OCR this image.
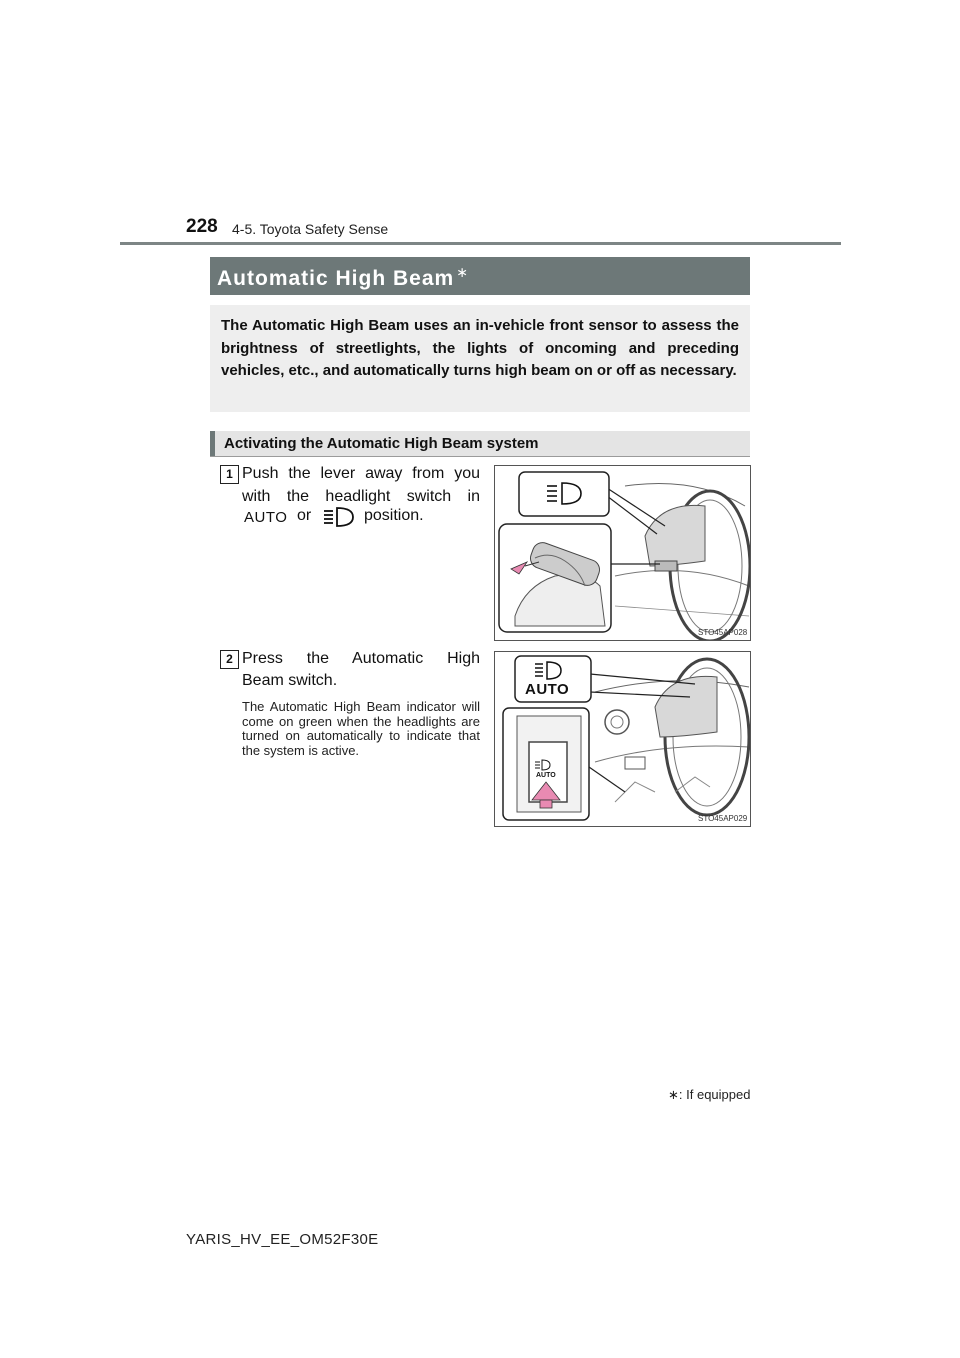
228 4-5. Toyota Safety Sense
Automatic High Beam ∗
The Automatic High Beam uses an in-vehicle front sensor to assess the brightness of streetlights, the lights of oncoming and preceding vehicles, etc., and automatically turns high beam on or off as necessary.
Activating the Automatic High Beam system
1 Push the lever away from you
with the headlight switch in
AUTO or	position.
STO45AP028
2 Press the Automatic High
Beam switch.
The Automatic High Beam indicator will come on green when the headlights are turned on automatically to indicate that the system is active.
AUTO
AUTO
STO45AP029
∗: If equipped
YARIS_HV_EE_OM52F30E
